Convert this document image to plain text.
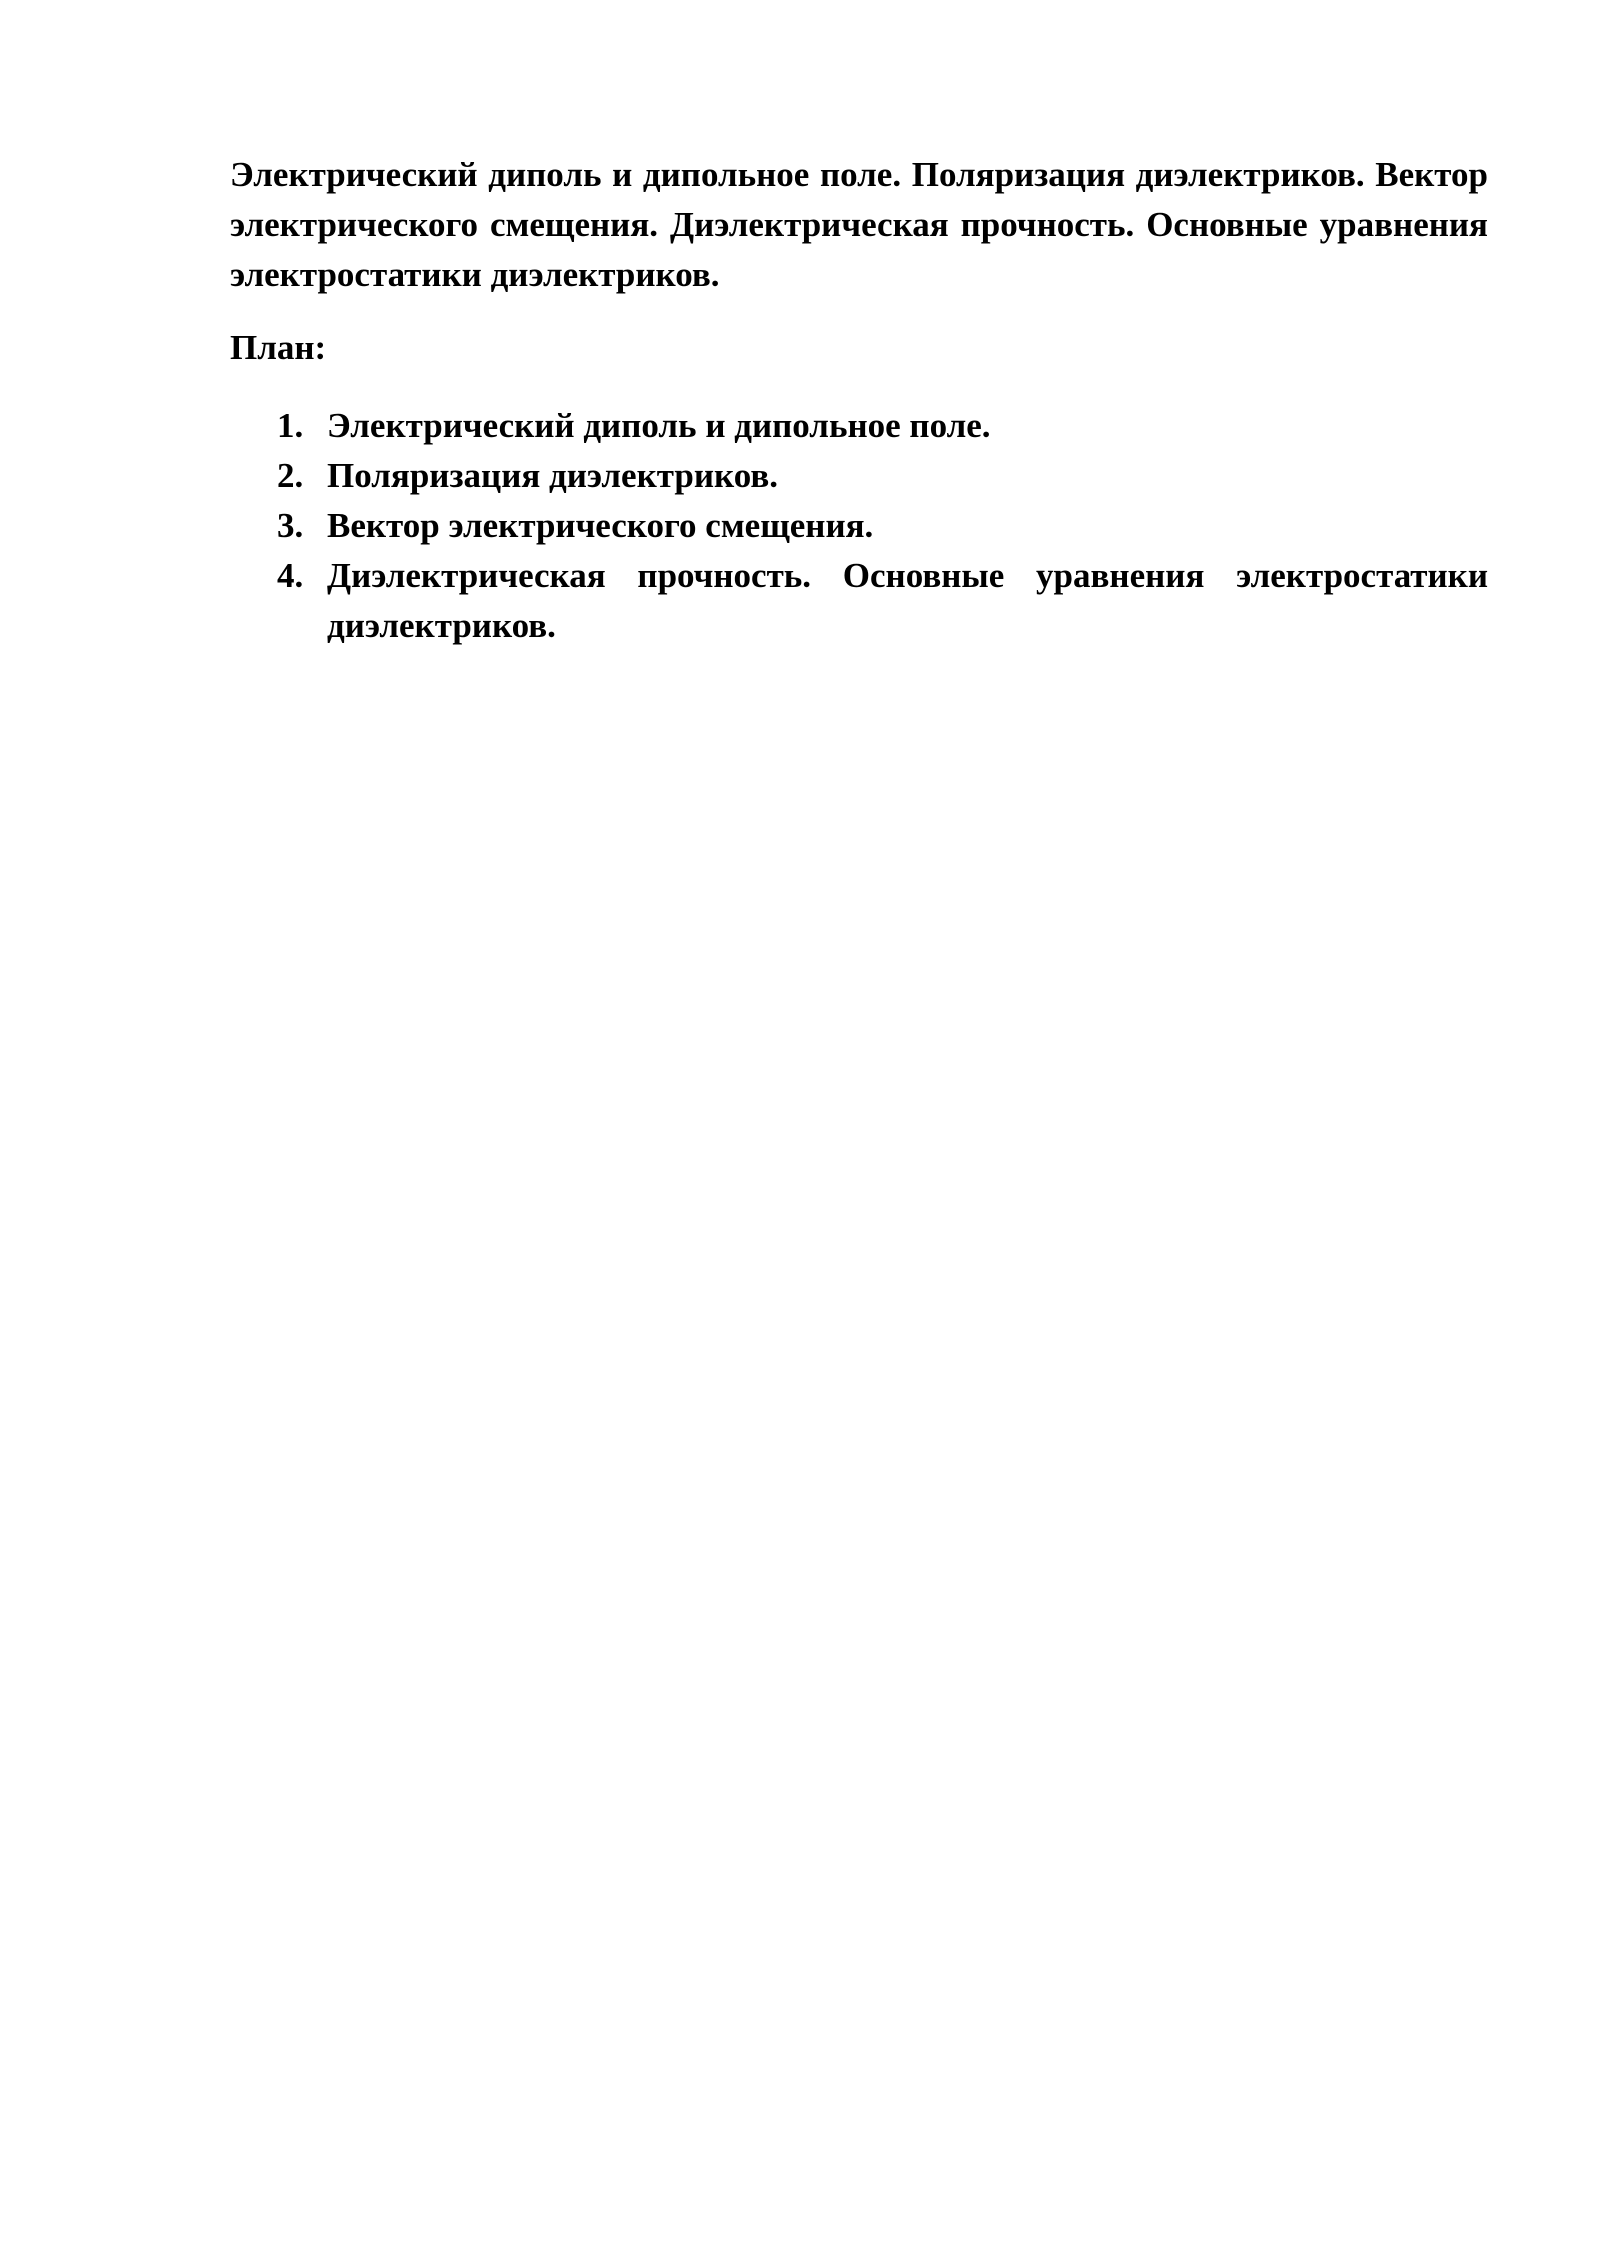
Электрический диполь и дипольное поле. Поляризация диэлектриков. Вектор электрического смещения. Диэлектрическая прочность. Основные уравнения электростатики диэлектриков.

План:

1. Электрический диполь и дипольное поле.
2. Поляризация диэлектриков.
3. Вектор электрического смещения.
4. Диэлектрическая прочность. Основные уравнения электростатики диэлектриков.
